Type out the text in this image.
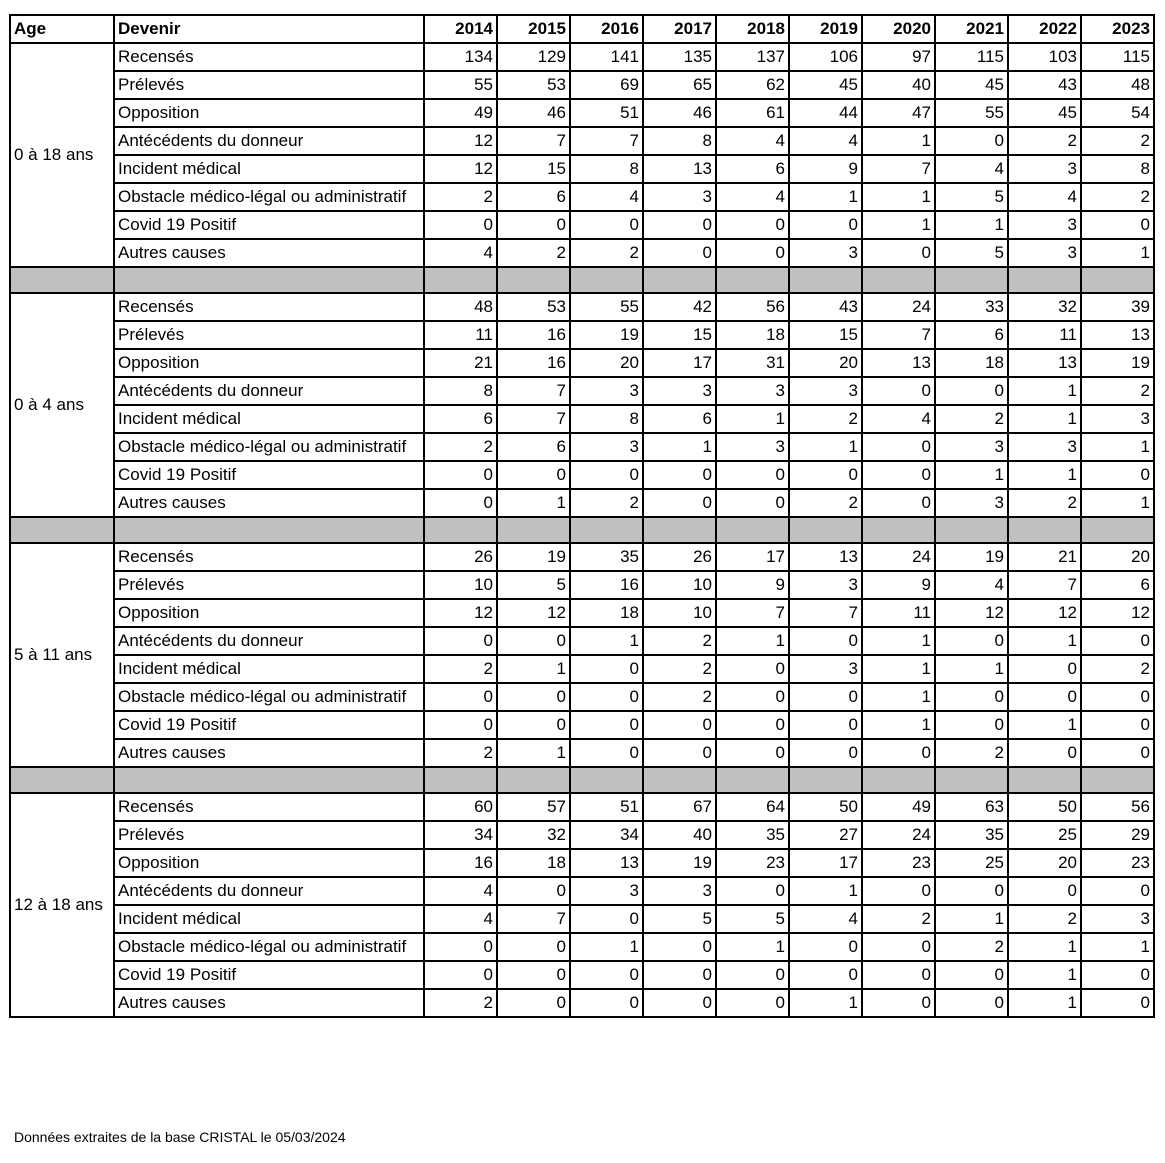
Age	Devenir	2014	2015	2016	2017	2018	2019	2020	2021	2022	2023
0 à 18 ans	Recensés	134	129	141	135	137	106	97	115	103	115
	Prélevés	55	53	69	65	62	45	40	45	43	48
	Opposition	49	46	51	46	61	44	47	55	45	54
	Antécédents du donneur	12	7	7	8	4	4	1	0	2	2
	Incident médical	12	15	8	13	6	9	7	4	3	8
	Obstacle médico-légal ou administratif	2	6	4	3	4	1	1	5	4	2
	Covid 19 Positif	0	0	0	0	0	0	1	1	3	0
	Autres causes	4	2	2	0	0	3	0	5	3	1

0 à 4 ans	Recensés	48	53	55	42	56	43	24	33	32	39
	Prélevés	11	16	19	15	18	15	7	6	11	13
	Opposition	21	16	20	17	31	20	13	18	13	19
	Antécédents du donneur	8	7	3	3	3	3	0	0	1	2
	Incident médical	6	7	8	6	1	2	4	2	1	3
	Obstacle médico-légal ou administratif	2	6	3	1	3	1	0	3	3	1
	Covid 19 Positif	0	0	0	0	0	0	0	1	1	0
	Autres causes	0	1	2	0	0	2	0	3	2	1

5 à 11 ans	Recensés	26	19	35	26	17	13	24	19	21	20
	Prélevés	10	5	16	10	9	3	9	4	7	6
	Opposition	12	12	18	10	7	7	11	12	12	12
	Antécédents du donneur	0	0	1	2	1	0	1	0	1	0
	Incident médical	2	1	0	2	0	3	1	1	0	2
	Obstacle médico-légal ou administratif	0	0	0	2	0	0	1	0	0	0
	Covid 19 Positif	0	0	0	0	0	0	1	0	1	0
	Autres causes	2	1	0	0	0	0	0	2	0	0

12 à 18 ans	Recensés	60	57	51	67	64	50	49	63	50	56
	Prélevés	34	32	34	40	35	27	24	35	25	29
	Opposition	16	18	13	19	23	17	23	25	20	23
	Antécédents du donneur	4	0	3	3	0	1	0	0	0	0
	Incident médical	4	7	0	5	5	4	2	1	2	3
	Obstacle médico-légal ou administratif	0	0	1	0	1	0	0	2	1	1
	Covid 19 Positif	0	0	0	0	0	0	0	0	1	0
	Autres causes	2	0	0	0	0	1	0	0	1	0
Données extraites de la base CRISTAL le 05/03/2024
